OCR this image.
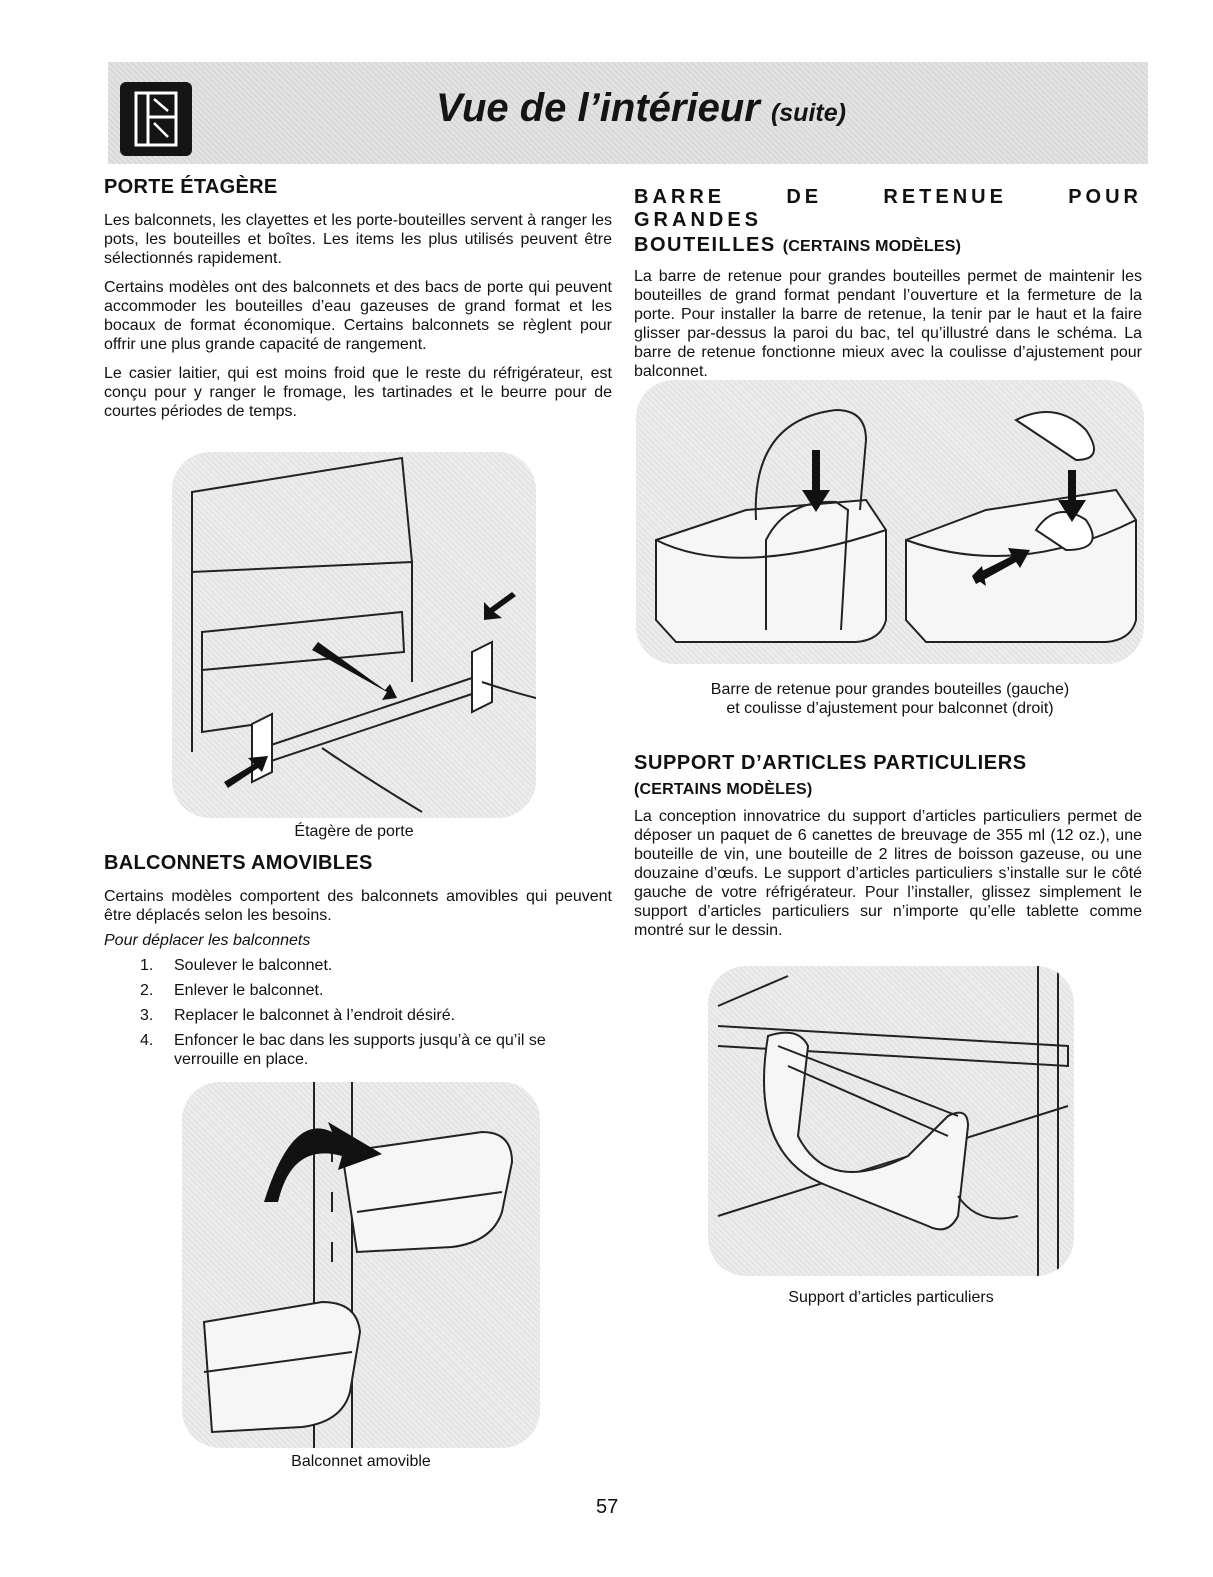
Vue de l’intérieur (suite)
PORTE ÉTAGÈRE

Les balconnets, les clayettes et les porte-bouteilles servent à ranger les pots, les bouteilles et boîtes. Les items les plus utilisés peuvent être sélectionnés rapidement.

Certains modèles ont des balconnets et des bacs de porte qui peuvent accommoder les bouteilles d’eau gazeuses de grand format et les bocaux de format économique. Certains balconnets se règlent pour offrir une plus grande capacité de rangement.

Le casier laitier, qui est moins froid que le reste du réfrigérateur, est conçu pour y ranger le fromage, les tartinades et le beurre pour de courtes périodes de temps.

Étagère de porte
BALCONNETS AMOVIBLES

Certains modèles comportent des balconnets amovibles qui peuvent être déplacés selon les besoins.

Pour déplacer les balconnets
1. Soulever le balconnet.
2. Enlever le balconnet.
3. Replacer le balconnet à l’endroit désiré.
4. Enfoncer le bac dans les supports jusqu’à ce qu’il se verrouille en place.
Balconnet amovible
BARRE DE RETENUE POUR GRANDES
BOUTEILLES (CERTAINS MODÈLES)

La barre de retenue pour grandes bouteilles permet de maintenir les bouteilles de grand format pendant l’ouverture et la fermeture de la porte. Pour installer la barre de retenue, la tenir par le haut et la faire glisser par-dessus la paroi du bac, tel qu’illustré dans le schéma. La barre de retenue fonctionne mieux avec la coulisse d’ajustement pour balconnet.

Barre de retenue pour grandes bouteilles (gauche)
et coulisse d’ajustement pour balconnet (droit)
SUPPORT D’ARTICLES PARTICULIERS
(CERTAINS MODÈLES)

La conception innovatrice du support d’articles particuliers permet de déposer un paquet de 6 canettes de breuvage de 355 ml (12 oz.), une bouteille de vin, une bouteille de 2 litres de boisson gazeuse, ou une douzaine d’œufs. Le support d’articles particuliers s’installe sur le côté gauche de votre réfrigérateur. Pour l’installer, glissez simplement le support d’articles particuliers sur n’importe qu’elle tablette comme montré sur le dessin.

Support d’articles particuliers
57
